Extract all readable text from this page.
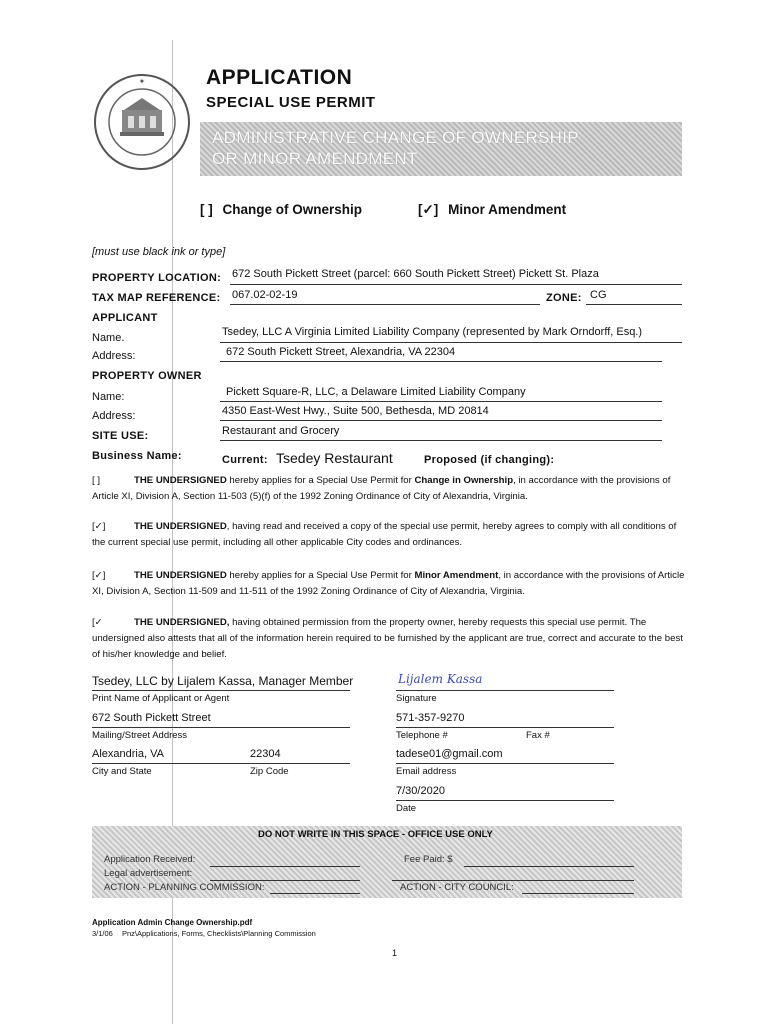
✦	APPLICATION
SPECIAL USE PERMIT
ADMINISTRATIVE CHANGE OF OWNERSHIP
OR MINOR AMENDMENT
[ ] Change of Ownership	[✓] Minor Amendment
[must use black ink or type]
PROPERTY LOCATION: 672 South Pickett Street (parcel: 660 South Pickett Street) Pickett St. Plaza
TAX MAP REFERENCE: 067.02-02-19	ZONE: CG
APPLICANT
Name.	Tsedey, LLC A Virginia Limited Liability Company (represented by Mark Orndorff, Esq.)
Address:	672 South Pickett Street, Alexandria, VA 22304
PROPERTY OWNER
Name:	Pickett Square-R, LLC, a Delaware Limited Liability Company
Address:	4350 East-West Hwy., Suite 500, Bethesda, MD 20814
SITE USE:	Restaurant and Grocery
Business Name:	Current: Tsedey Restaurant	Proposed (if changing):
[ ]	THE UNDERSIGNED hereby applies for a Special Use Permit for Change in Ownership, in accordance with the provisions of Article XI, Division A, Section 11-503 (5)(f) of the 1992 Zoning Ordinance of City of Alexandria, Virginia.
[✓]	THE UNDERSIGNED, having read and received a copy of the special use permit, hereby agrees to comply with all conditions of the current special use permit, including all other applicable City codes and ordinances.
[✓]	THE UNDERSIGNED hereby applies for a Special Use Permit for Minor Amendment, in accordance with the provisions of Article XI, Division A, Section 11-509 and 11-511 of the 1992 Zoning Ordinance of City of Alexandria, Virginia.
[✓	THE UNDERSIGNED, having obtained permission from the property owner, hereby requests this special use permit. The undersigned also attests that all of the information herein required to be furnished by the applicant are true, correct and accurate to the best of his/her knowledge and belief.
Tsedey, LLC by Lijalem Kassa, Manager Member
Print Name of Applicant or Agent
Lijalem Kassa
Signature
672 South Pickett Street
Mailing/Street Address
571-357-9270
Telephone #	Fax #
Alexandria, VA	22304
City and State	Zip Code
tadese01@gmail.com
Email address
7/30/2020
Date
DO NOT WRITE IN THIS SPACE - OFFICE USE ONLY
Application Received:	Fee Paid: $
Legal advertisement:
ACTION - PLANNING COMMISSION:	ACTION - CITY COUNCIL:
Application Admin Change Ownership.pdf
3/1/06 Pnz\Applications, Forms, Checklists\Planning Commission
1
